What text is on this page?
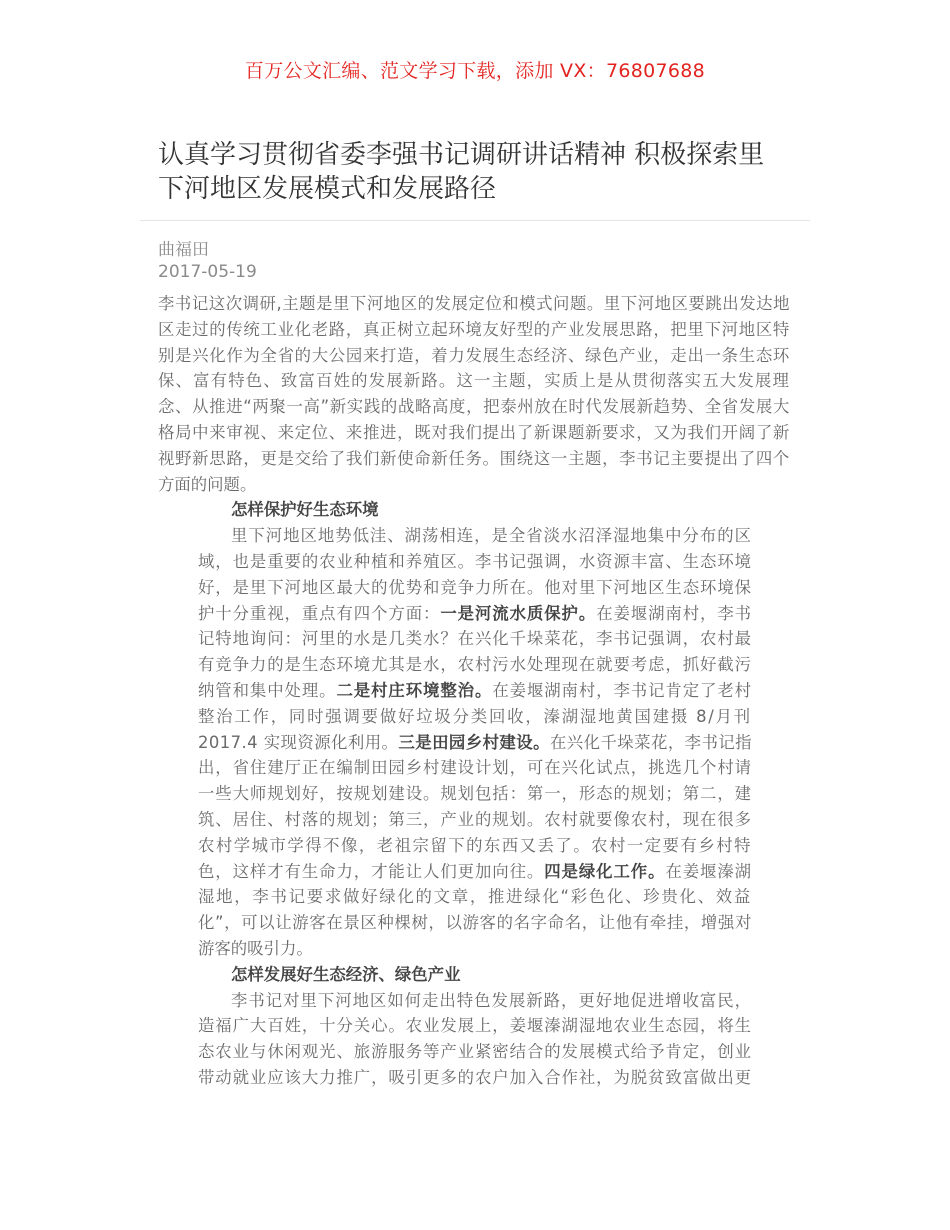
百万公文汇编、范文学习下载，添加 VX：76807688
认真学习贯彻省委李强书记调研讲话精神 积极探索里
下河地区发展模式和发展路径
曲福田
2017-05-19
李书记这次调研,主题是里下河地区的发展定位和模式问题。里下河地区要跳出发达地
区走过的传统工业化老路，真正树立起环境友好型的产业发展思路，把里下河地区特
别是兴化作为全省的大公园来打造，着力发展生态经济、绿色产业，走出一条生态环
保、富有特色、致富百姓的发展新路。这一主题，实质上是从贯彻落实五大发展理
念、从推进“两聚一高”新实践的战略高度，把泰州放在时代发展新趋势、全省发展大
格局中来审视、来定位、来推进，既对我们提出了新课题新要求，又为我们开阔了新
视野新思路，更是交给了我们新使命新任务。围绕这一主题，李书记主要提出了四个
方面的问题。
怎样保护好生态环境
里下河地区地势低洼、湖荡相连，是全省淡水沼泽湿地集中分布的区
域，也是重要的农业种植和养殖区。李书记强调，水资源丰富、生态环境
好，是里下河地区最大的优势和竞争力所在。他对里下河地区生态环境保
护十分重视，重点有四个方面：一是河流水质保护。在姜堰湖南村，李书
记特地询问：河里的水是几类水？在兴化千垛菜花，李书记强调，农村最
有竞争力的是生态环境尤其是水，农村污水处理现在就要考虑，抓好截污
纳管和集中处理。二是村庄环境整治。在姜堰湖南村，李书记肯定了老村
整治工作，同时强调要做好垃圾分类回收，溱湖湿地黄国建摄 8/月刊
2017.4 实现资源化利用。三是田园乡村建设。在兴化千垛菜花，李书记指
出，省住建厅正在编制田园乡村建设计划，可在兴化试点，挑选几个村请
一些大师规划好，按规划建设。规划包括：第一，形态的规划；第二，建
筑、居住、村落的规划；第三，产业的规划。农村就要像农村，现在很多
农村学城市学得不像，老祖宗留下的东西又丢了。农村一定要有乡村特
色，这样才有生命力，才能让人们更加向往。四是绿化工作。在姜堰溱湖
湿地，李书记要求做好绿化的文章，推进绿化“彩色化、珍贵化、效益
化”，可以让游客在景区种棵树，以游客的名字命名，让他有牵挂，增强对
游客的吸引力。
怎样发展好生态经济、绿色产业
李书记对里下河地区如何走出特色发展新路，更好地促进增收富民，
造福广大百姓，十分关心。农业发展上，姜堰溱湖湿地农业生态园，将生
态农业与休闲观光、旅游服务等产业紧密结合的发展模式给予肯定，创业
带动就业应该大力推广，吸引更多的农户加入合作社，为脱贫致富做出更
